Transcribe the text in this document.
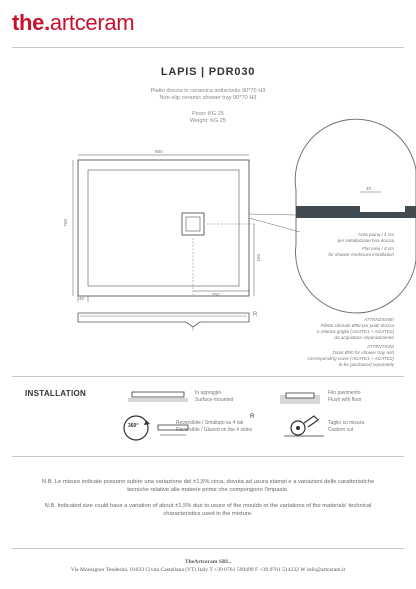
the.artceram
LAPIS | PDR030
Piatto doccia in ceramica antiscivolo 90*70 H3
Non-slip ceramic shower tray 90*70 H3
Peso: KG 25
Weight: KG 25
900
700
150
250
40
40
R
Area piana / 4 cm
per installazione box doccia
Flat area / 4 cm
for shower enclosure installation
ATTENZIONE!
Piletta sifonata Ø90 per piatti doccia
e relativa griglia (AGATE1 + AGATE2)
da acquistare separatamente
ATTENTION!
Drain Ø90 for shower tray and
corresponding cover (AGATE1 + AGATE2)
to be purchased separately
INSTALLATION	In appoggio
Surface-mounted
Filo pavimento
Flush with floor
360°	Reversibile / Smaltato su 4 lati
Reversible / Glazed on the 4 sides
R
Taglio su misura
Custom cut
N.B. Le misure indicate possono subire una variazione del ±1,5% circa, dovuta ad usura stampi e a variazioni delle caratteristiche tecniche relative alle materie prime che compongono l'impasto.
N.B. Indicated size could have a variation of about ±1,5% due to usure of the moulds or the variations of the materials' technical characteristics used in the mixture.
TheArtceram SRL.
Via Monsignor Tenderini, 01033 Civita Castellana (VT) Italy T +39 0761 599499 F +39 0761 514232 W info@artceram.it
